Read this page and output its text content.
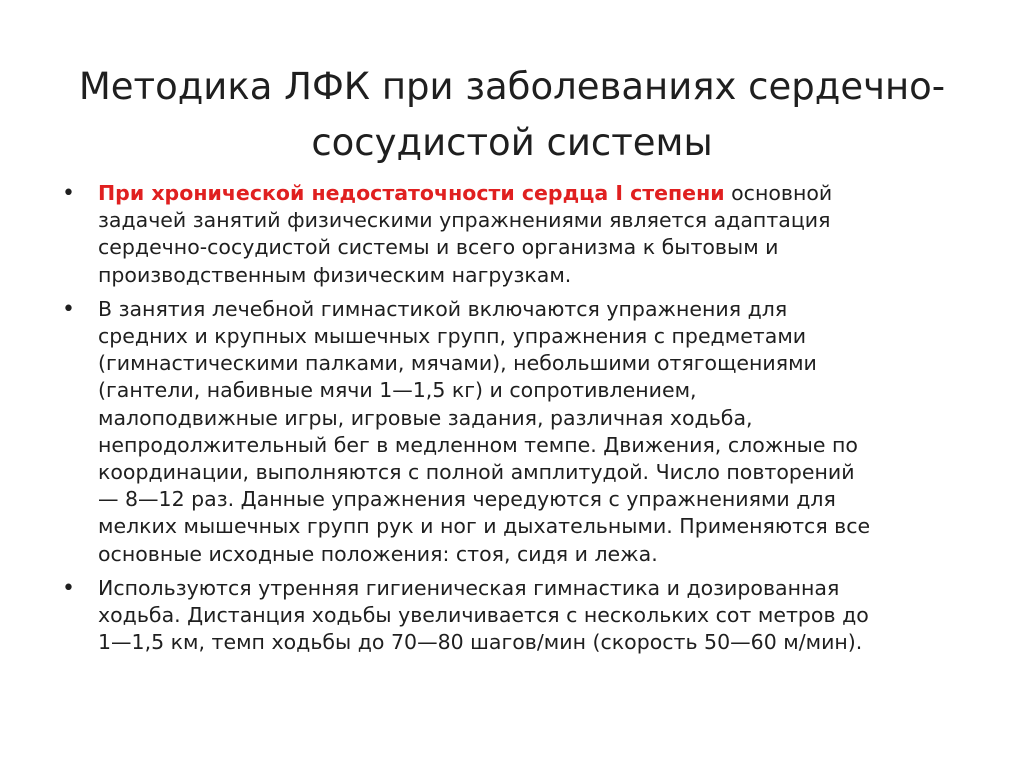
Методика ЛФК при заболеваниях сердечно-
сосудистой системы
• При хронической недостаточности сердца I степени основной
задачей занятий физическими упражнениями является адаптация
сердечно-сосудистой системы и всего организма к бытовым и
производственным физическим нагрузкам.
• В занятия лечебной гимнастикой включаются упражнения для
средних и крупных мышечных групп, упражнения с предметами
(гимнастическими палками, мячами), небольшими отягощениями
(гантели, набивные мячи 1—1,5 кг) и сопротивлением,
малоподвижные игры, игровые задания, различная ходьба,
непродолжительный бег в медленном темпе. Движения, сложные по
координации, выполняются с полной амплитудой. Число повторений
— 8—12 раз. Данные упражнения чередуются с упражнениями для
мелких мышечных групп рук и ног и дыхательными. Применяются все
основные исходные положения: стоя, сидя и лежа.
• Используются утренняя гигиеническая гимнастика и дозированная
ходьба. Дистанция ходьбы увеличивается с нескольких сот метров до
1—1,5 км, темп ходьбы до 70—80 шагов/мин (скорость 50—60 м/мин).
